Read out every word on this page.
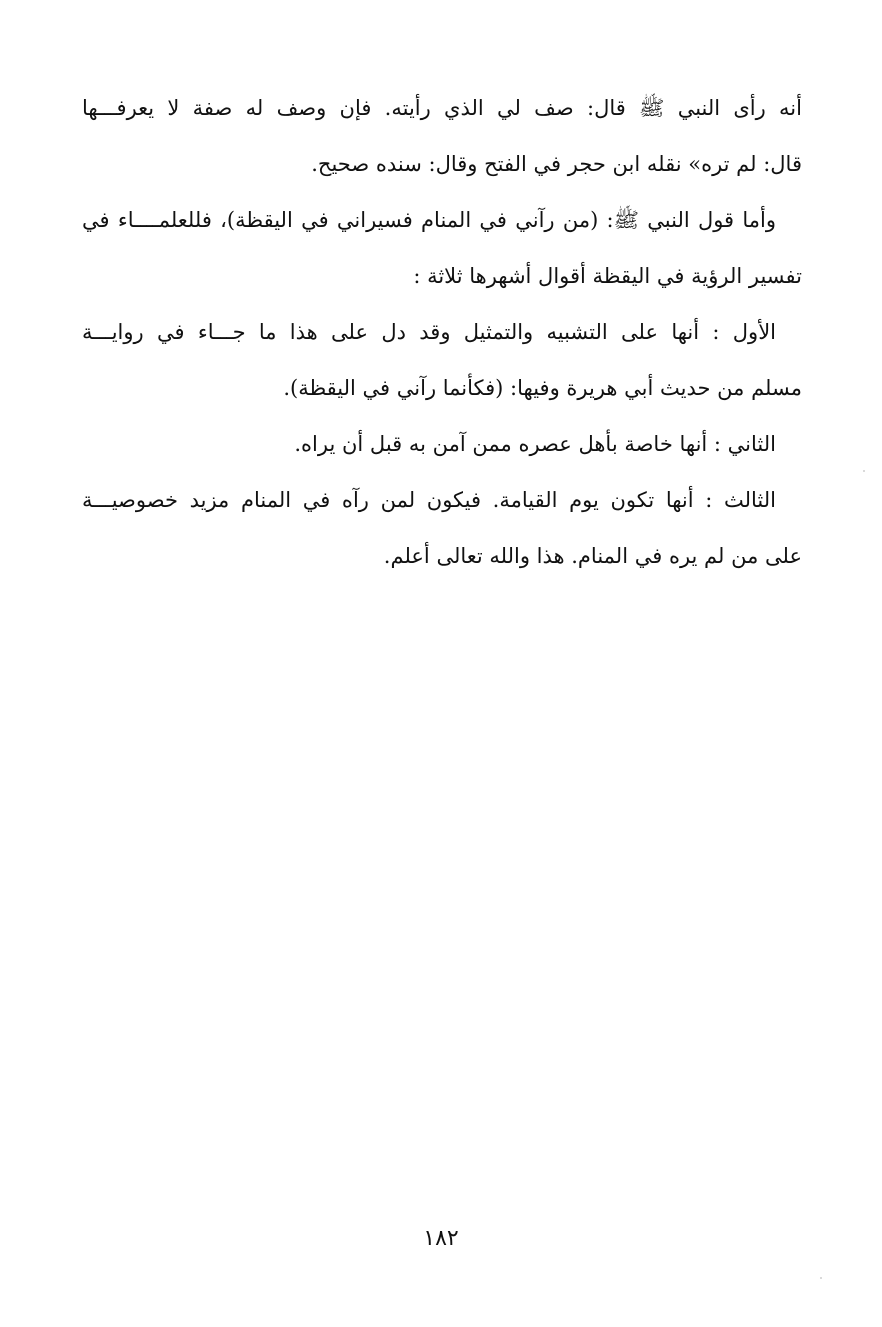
أنه رأى النبي ﷺ قال: صف لي الذي رأيته. فإن وصف له صفة لا يعرفـــها
قال: لم تره» نقله ابن حجر في الفتح وقال: سنده صحيح.
وأما قول النبي ﷺ: (من رآني في المنام فسيراني في اليقظة)، فللعلمــــاء في
تفسير الرؤية في اليقظة أقوال أشهرها ثلاثة :
الأول : أنها على التشبيه والتمثيل وقد دل على هذا ما جـــاء في روايـــة
مسلم من حديث أبي هريرة وفيها: (فكأنما رآني في اليقظة).
الثاني : أنها خاصة بأهل عصره ممن آمن به قبل أن يراه.
الثالث : أنها تكون يوم القيامة. فيكون لمن رآه في المنام مزيد خصوصيـــة
على من لم يره في المنام. هذا والله تعالى أعلم.
١٨٢
